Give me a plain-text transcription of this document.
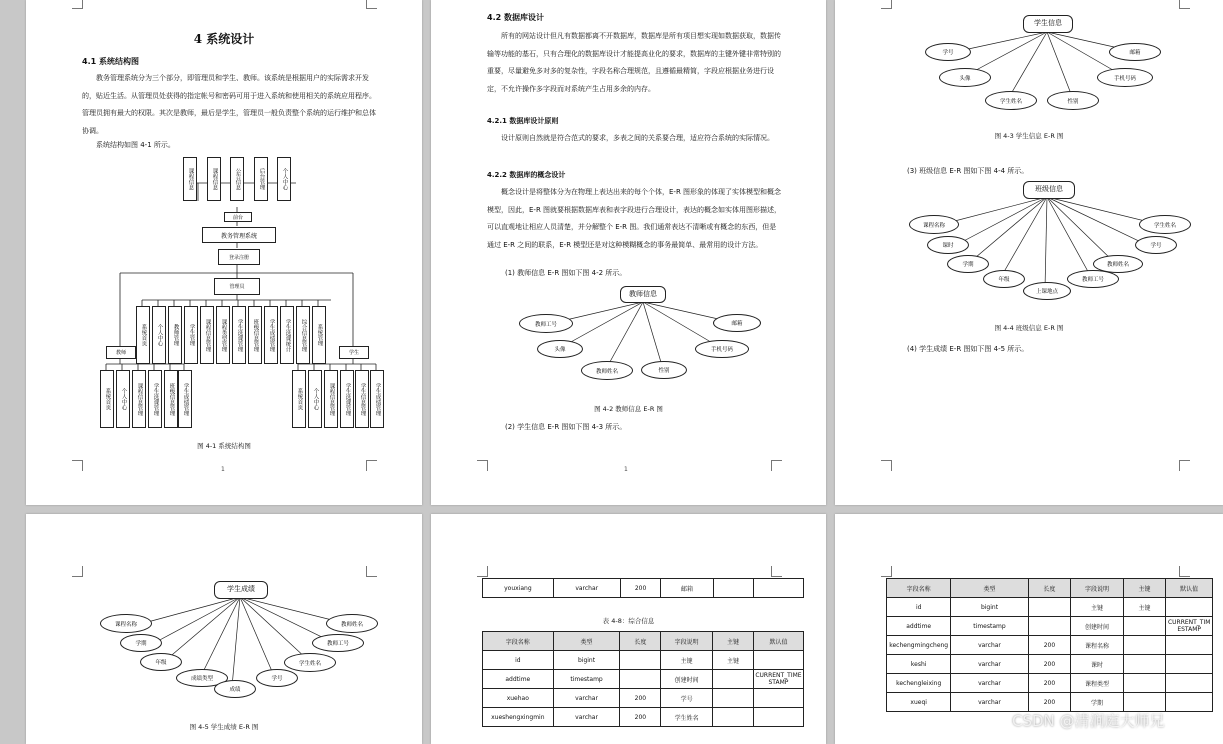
4 系统设计
4.1 系统结构图
教务管理系统分为三个部分，即管理员和学生、教师。该系统是根据用户的实际需求开发的，贴近生活。从管理员处获得的指定帐号和密码可用于进入系统和使用相关的系统应用程序。管理员拥有最大的权限。其次是教师，最后是学生，管理员一般负责整个系统的运行维护和总体协调。
系统结构如图 4-1 所示。
课程信息	课程信息	公告信息	后台管理	个人中心
前台
教务管理系统
登录注册
管理员
系统首页	个人中心	教师管理	学生管理	课程信息管理	课程类型管理	学生选课管理	班级信息管理	学生成绩管理	学生选课统计	综合信息管理	系统管理
教师	学生
系统首页	个人中心	课程信息管理	学生选课管理	班级信息管理	学生成绩管理	系统首页	个人中心	课程信息管理	学生选课管理	学生信息管理	学生成绩管理
图 4-1 系统结构图
1
4.2 数据库设计
所有的网站设计但凡有数据都离不开数据库，数据库是所有项目想实现如数据获取，数据传输等功能的基石，只有合理化的数据库设计才能提高业化的要求，数据库的主键外键非常特别的重要，尽量避免多对多的复杂性，字段名称合理规范，且遵循最精简，字段应根据业务进行设定，不允许操作多字段而对系统产生占用多余的内存。
4.2.1 数据库设计原则
设计原则自然就是符合范式的要求，多表之间的关系要合理，适应符合系统的实际情况。
4.2.2 数据库的概念设计
概念设计是将整体分为在物理上表达出来的每个个体，E-R 图形象的体现了实体模型和概念模型，因此，E-R 图就要根据数据库表和表字段进行合理设计，表达的概念如实体用图形描述，可以直观地让相应人员清楚，并分解整个 E-R 图。我们通常表达不清晰或有概念的东西，但是通过 E-R 之间的联系，E-R 模型还是对这种模糊概念的事务最简单、最常用的设计方法。
(1) 教师信息 E-R 图如下图 4-2 所示。
教师信息
教师工号
头像
教师姓名	性别
手机号码
邮箱
图 4-2 教师信息 E-R 图
(2) 学生信息 E-R 图如下图 4-3 所示。
1
学生信息
学号
头像
学生姓名	性别
手机号码
邮箱
图 4-3 学生信息 E-R 图
(3) 班级信息 E-R 图如下图 4-4 所示。
班级信息
课程名称
课时
学期
年级
上课地点
教师工号
教师姓名
学号
学生姓名
图 4-4 班级信息 E-R 图
(4) 学生成绩 E-R 图如下图 4-5 所示。
学生成绩
课程名称
学期
年级
成绩类型
成绩
学号
学生姓名
教师工号
教师姓名
图 4-5 学生成绩 E-R 图
youxiang	varchar	200	邮箱		
表 4-8：综合信息
字段名称	类型	长度	字段说明	主键	默认值
id	bigint		主键	主键	
addtime	timestamp		创建时间		CURRENT_TIMESTAMP
xuehao	varchar	200	学号		
xueshengxingmin	varchar	200	学生姓名		
字段名称	类型	长度	字段说明	主键	默认值
id	bigint		主键	主键	
addtime	timestamp		创建时间		CURRENT_TIMESTAMP
kechengmingcheng	varchar	200	课程名称		
keshi	varchar	200	课时		
kechengleixing	varchar	200	课程类型		
xueqi	varchar	200	学期		
CSDN @清涧庭大师兄
